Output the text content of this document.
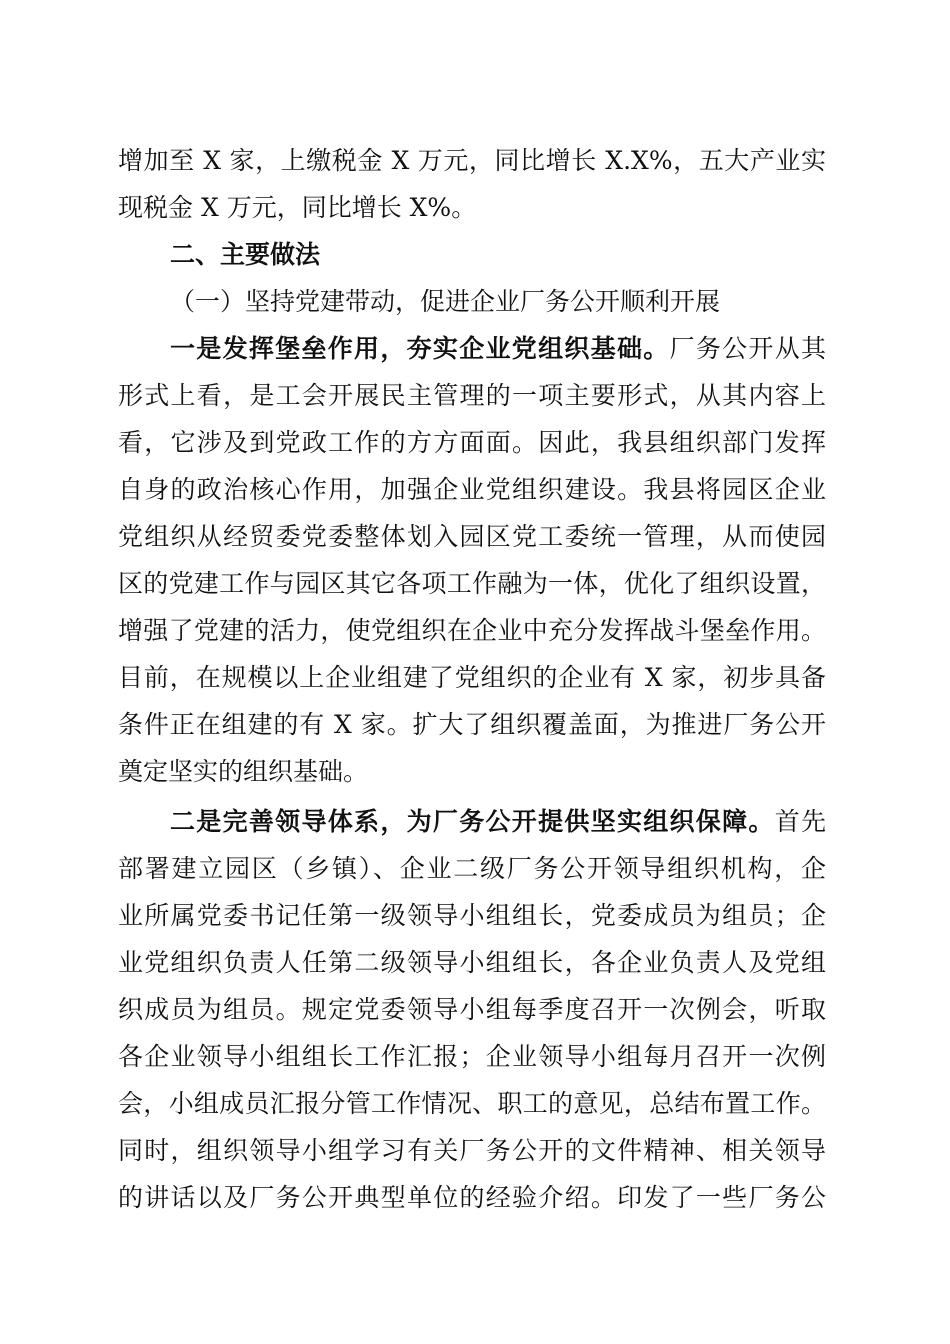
增加至 X 家，上缴税金 X 万元，同比增长 X.X%，五大产业实
现税金 X 万元，同比增长 X%。
二、主要做法
（一）坚持党建带动，促进企业厂务公开顺利开展
一是发挥堡垒作用，夯实企业党组织基础。厂务公开从其
形式上看，是工会开展民主管理的一项主要形式，从其内容上
看，它涉及到党政工作的方方面面。因此，我县组织部门发挥
自身的政治核心作用，加强企业党组织建设。我县将园区企业
党组织从经贸委党委整体划入园区党工委统一管理，从而使园
区的党建工作与园区其它各项工作融为一体，优化了组织设置，
增强了党建的活力，使党组织在企业中充分发挥战斗堡垒作用。
目前，在规模以上企业组建了党组织的企业有 X 家，初步具备
条件正在组建的有 X 家。扩大了组织覆盖面，为推进厂务公开
奠定坚实的组织基础。
二是完善领导体系，为厂务公开提供坚实组织保障。首先
部署建立园区（乡镇）、企业二级厂务公开领导组织机构，企
业所属党委书记任第一级领导小组组长，党委成员为组员；企
业党组织负责人任第二级领导小组组长，各企业负责人及党组
织成员为组员。规定党委领导小组每季度召开一次例会，听取
各企业领导小组组长工作汇报；企业领导小组每月召开一次例
会，小组成员汇报分管工作情况、职工的意见，总结布置工作。
同时，组织领导小组学习有关厂务公开的文件精神、相关领导
的讲话以及厂务公开典型单位的经验介绍。印发了一些厂务公
